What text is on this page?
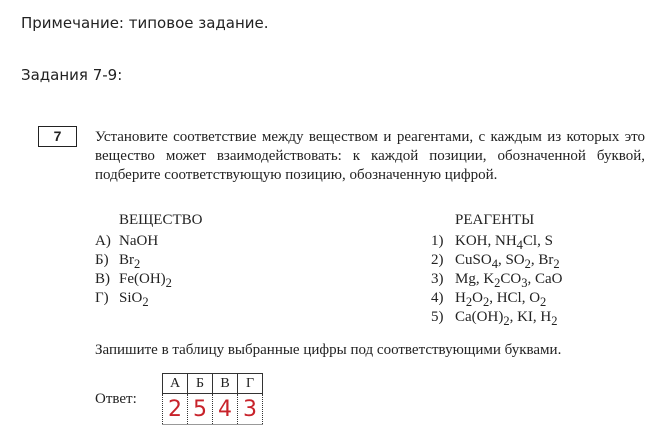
Примечание: типовое задание.
Задания 7-9:
7	Установите соответствие между веществом и реагентами, с каждым из которых это вещество может взаимодействовать: к каждой позиции, обозначенной буквой, подберите соответствующую позицию, обозначенную цифрой.
ВЕЩЕСТВО	РЕАГЕНТЫ
А) NaOH
Б) $Br_2$
В) $Fe(OH)_2$
Г) SiO$_2$
1) KOH, $NH_4Cl$, S
2) CuSO$_4$, $SO_2$, $Br_2$
3) Mg, $K_2CO_3$, CaO
4) $H_2O_2$, HCl, $O_2$
5) $Ca(OH)_2$, KI, $H_2$
Запишите в таблицу выбранные цифры под соответствующими буквами.
Ответ:
А	Б	В	Г
2	5	4	3
